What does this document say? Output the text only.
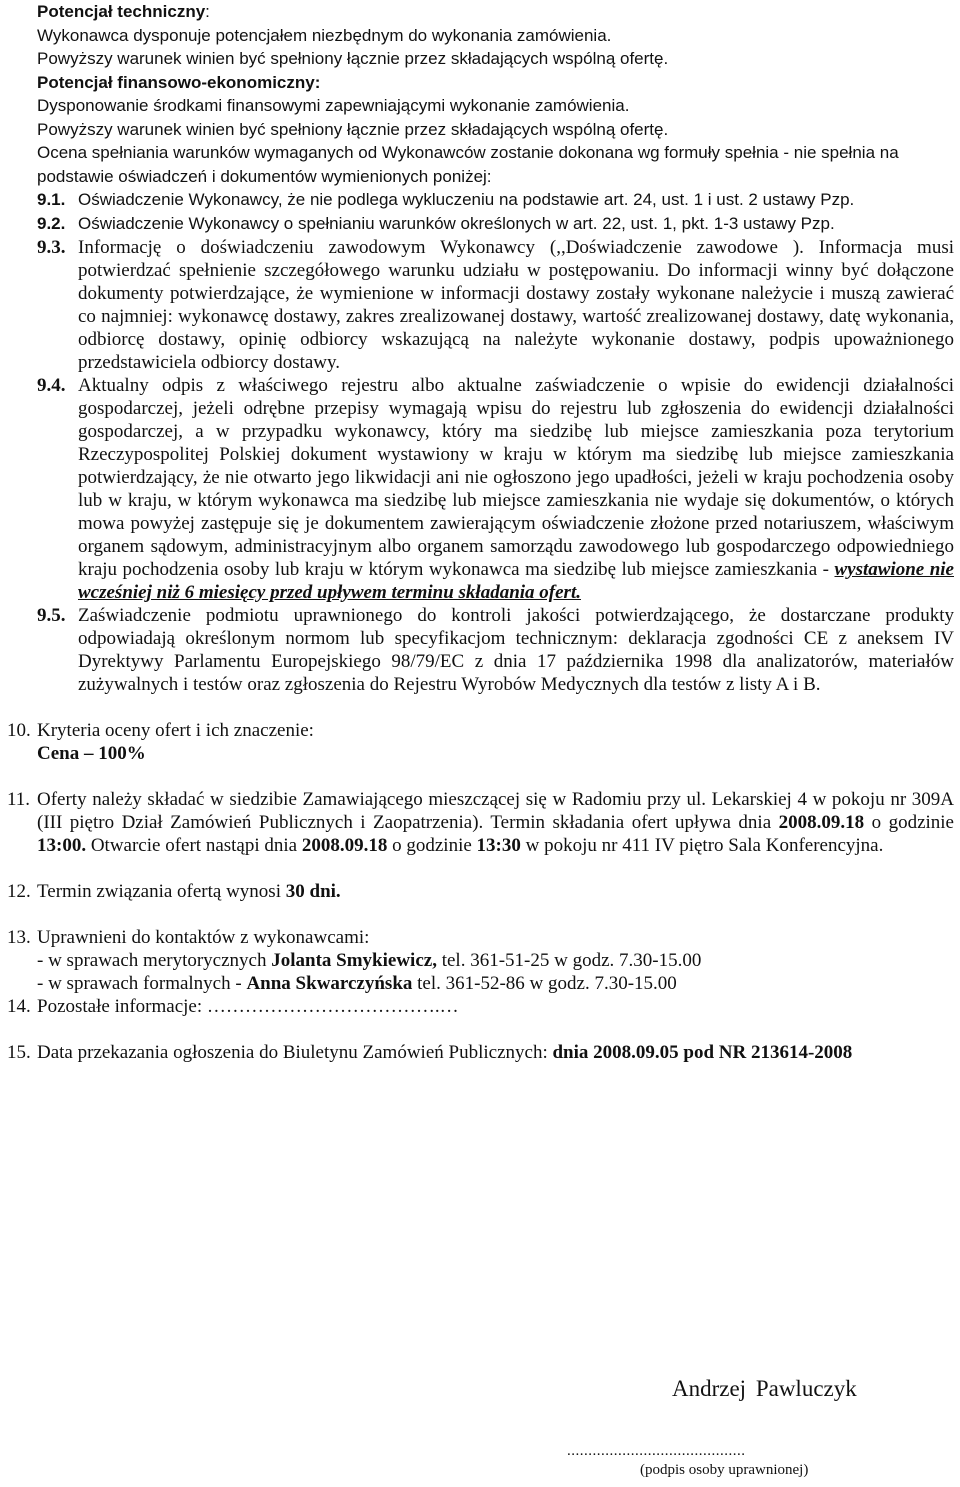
Potencjał techniczny:

Wykonawca dysponuje potencjałem niezbędnym do wykonania zamówienia.

Powyższy warunek winien być spełniony łącznie przez składających wspólną ofertę.

Potencjał finansowo-ekonomiczny:

Dysponowanie środkami finansowymi zapewniającymi wykonanie zamówienia.

Powyższy warunek winien być spełniony łącznie przez składających wspólną ofertę.

Ocena spełniania warunków wymaganych od Wykonawców zostanie dokonana wg formuły spełnia - nie spełnia na podstawie oświadczeń i dokumentów wymienionych poniżej:

9.1. Oświadczenie Wykonawcy, że nie podlega wykluczeniu na podstawie art. 24, ust. 1 i ust. 2 ustawy Pzp.
9.2. Oświadczenie Wykonawcy o spełnianiu warunków określonych w art. 22, ust. 1, pkt. 1-3 ustawy Pzp.
9.3. Informację o doświadczeniu zawodowym Wykonawcy (,,Doświadczenie zawodowe ). Informacja musi potwierdzać spełnienie szczegółowego warunku udziału w postępowaniu. Do informacji winny być dołączone dokumenty potwierdzające, że wymienione w informacji dostawy zostały wykonane należycie i muszą zawierać co najmniej: wykonawcę dostawy, zakres zrealizowanej dostawy, wartość zrealizowanej dostawy, datę wykonania, odbiorcę dostawy, opinię odbiorcy wskazującą na należyte wykonanie dostawy, podpis upoważnionego przedstawiciela odbiorcy dostawy.
9.4. Aktualny odpis z właściwego rejestru albo aktualne zaświadczenie o wpisie do ewidencji działalności gospodarczej, jeżeli odrębne przepisy wymagają wpisu do rejestru lub zgłoszenia do ewidencji działalności gospodarczej, a w przypadku wykonawcy, który ma siedzibę lub miejsce zamieszkania poza terytorium Rzeczypospolitej Polskiej dokument wystawiony w kraju w którym ma siedzibę lub miejsce zamieszkania potwierdzający, że nie otwarto jego likwidacji ani nie ogłoszono jego upadłości, jeżeli w kraju pochodzenia osoby lub w kraju, w którym wykonawca ma siedzibę lub miejsce zamieszkania nie wydaje się dokumentów, o których mowa powyżej zastępuje się je dokumentem zawierającym oświadczenie złożone przed notariuszem, właściwym organem sądowym, administracyjnym albo organem samorządu zawodowego lub gospodarczego odpowiedniego kraju pochodzenia osoby lub kraju w którym wykonawca ma siedzibę lub miejsce zamieszkania - wystawione nie wcześniej niż 6 miesięcy przed upływem terminu składania ofert.
9.5. Zaświadczenie podmiotu uprawnionego do kontroli jakości potwierdzającego, że dostarczane produkty odpowiadają określonym normom lub specyfikacjom technicznym: deklaracja zgodności CE z aneksem IV Dyrektywy Parlamentu Europejskiego 98/79/EC z dnia 17 października 1998 dla analizatorów, materiałów zużywalnych i testów oraz zgłoszenia do Rejestru Wyrobów Medycznych dla testów z listy A i B.
10. Kryteria oceny ofert i ich znaczenie:
Cena – 100%
11. Oferty należy składać w siedzibie Zamawiającego mieszczącej się w Radomiu przy ul. Lekarskiej 4 w pokoju nr 309A (III piętro Dział Zamówień Publicznych i Zaopatrzenia). Termin składania ofert upływa dnia 2008.09.18 o godzinie 13:00. Otwarcie ofert nastąpi dnia 2008.09.18 o godzinie 13:30 w pokoju nr 411 IV piętro Sala Konferencyjna.
12. Termin związania ofertą wynosi 30 dni.
13. Uprawnieni do kontaktów z wykonawcami:
- w sprawach merytorycznych Jolanta Smykiewicz, tel. 361-51-25 w godz. 7.30-15.00
- w sprawach formalnych - Anna Skwarczyńska tel. 361-52-86 w godz. 7.30-15.00
14. Pozostałe informacje: ……………………………….…
15. Data przekazania ogłoszenia do Biuletynu Zamówień Publicznych: dnia 2008.09.05 pod NR 213614-2008
Andrzej Pawluczyk
..........................................
(podpis osoby uprawnionej)
